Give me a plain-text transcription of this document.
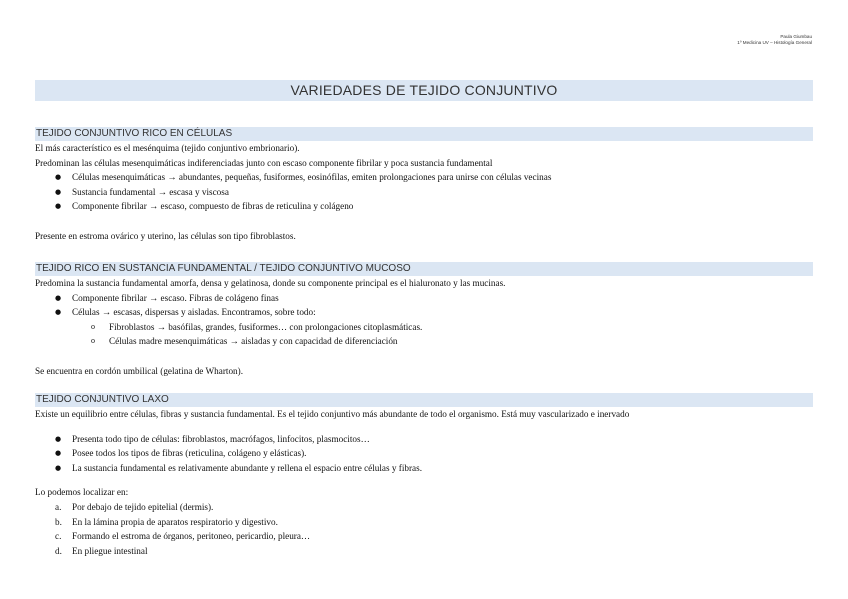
Paula Giumbau
1º Medicina UV – Histología General
VARIEDADES DE TEJIDO CONJUNTIVO
TEJIDO CONJUNTIVO RICO EN CÉLULAS
El más característico es el mesénquima (tejido conjuntivo embrionario).
Predominan las células mesenquimáticas indiferenciadas junto con escaso componente fibrilar y poca sustancia fundamental
● Células mesenquimáticas → abundantes, pequeñas, fusiformes, eosinófilas, emiten prolongaciones para unirse con células vecinas
● Sustancia fundamental → escasa y viscosa
● Componente fibrilar → escaso, compuesto de fibras de reticulina y colágeno
Presente en estroma ovárico y uterino, las células son tipo fibroblastos.
TEJIDO RICO EN SUSTANCIA FUNDAMENTAL / TEJIDO CONJUNTIVO MUCOSO
Predomina la sustancia fundamental amorfa, densa y gelatinosa, donde su componente principal es el hialuronato y las mucinas.
● Componente fibrilar → escaso. Fibras de colágeno finas
● Células → escasas, dispersas y aisladas. Encontramos, sobre todo:
o Fibroblastos → basófilas, grandes, fusiformes… con prolongaciones citoplasmáticas.
o Células madre mesenquimáticas → aisladas y con capacidad de diferenciación
Se encuentra en cordón umbilical (gelatina de Wharton).
TEJIDO CONJUNTIVO LAXO
Existe un equilibrio entre células, fibras y sustancia fundamental. Es el tejido conjuntivo más abundante de todo el organismo. Está muy vascularizado e inervado
● Presenta todo tipo de células: fibroblastos, macrófagos, linfocitos, plasmocitos…
● Posee todos los tipos de fibras (reticulina, colágeno y elásticas).
● La sustancia fundamental es relativamente abundante y rellena el espacio entre células y fibras.
Lo podemos localizar en:
a. Por debajo de tejido epitelial (dermis).
b. En la lámina propia de aparatos respiratorio y digestivo.
c. Formando el estroma de órganos, peritoneo, pericardio, pleura…
d. En pliegue intestinal
